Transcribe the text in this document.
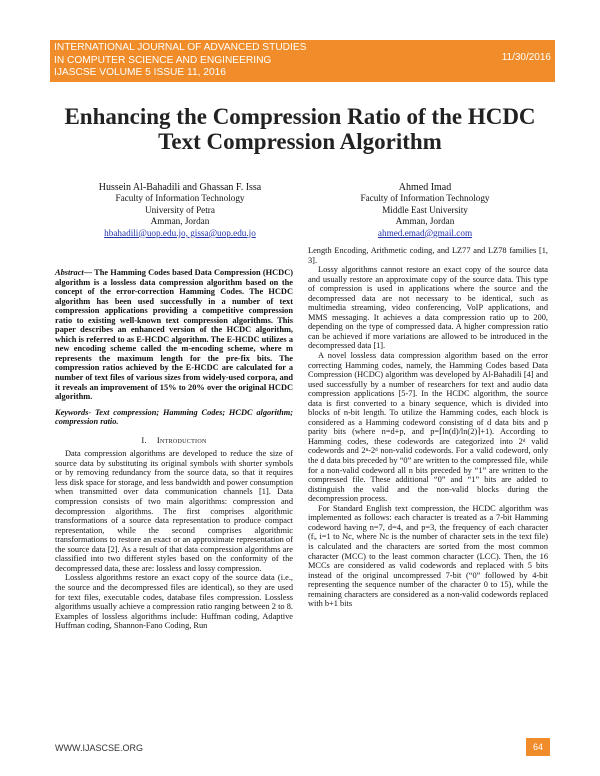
INTERNATIONAL JOURNAL OF ADVANCED STUDIES
IN COMPUTER SCIENCE AND ENGINEERING
IJASCSE VOLUME 5 ISSUE 11, 2016
11/30/2016
Enhancing the Compression Ratio of the HCDC
Text Compression Algorithm
Hussein Al-Bahadili and Ghassan F. Issa
Faculty of Information Technology
University of Petra
Amman, Jordan
hbahadili@uop.edu.jo, gissa@uop.edu.jo
Ahmed Imad
Faculty of Information Technology
Middle East University
Amman, Jordan
ahmed.emad@gmail.com

Abstract— The Hamming Codes based Data Compression (HCDC) algorithm is a lossless data compression algorithm based on the concept of the error-correction Hamming Codes. The HCDC algorithm has been used successfully in a number of text compression applications providing a competitive compression ratio to existing well-known text compression algorithms. This paper describes an enhanced version of the HCDC algorithm, which is referred to as E-HCDC algorithm. The E-HCDC utilizes a new encoding scheme called the m-encoding scheme, where m represents the maximum length for the pre-fix bits. The compression ratios achieved by the E-HCDC are calculated for a number of text files of various sizes from widely-used corpora, and it reveals an improvement of 15% to 20% over the original HCDC algorithm.

Keywords- Text compression; Hamming Codes; HCDC algorithm; compression ratio.

I. Introduction

Data compression algorithms are developed to reduce the size of source data by substituting its original symbols with shorter symbols or by removing redundancy from the source data, so that it requires less disk space for storage, and less bandwidth and power consumption when transmitted over data communication channels [1]. Data compression consists of two main algorithms: compression and decompression algorithms. The first comprises algorithmic transformations of a source data representation to produce compact representation, while the second comprises algorithmic transformations to restore an exact or an approximate representation of the source data [2]. As a result of that data compression algorithms are classified into two different styles based on the conformity of the decompressed data, these are: lossless and lossy compression.

Lossless algorithms restore an exact copy of the source data (i.e., the source and the decompressed files are identical), so they are used for text files, executable codes, database files compression. Lossless algorithms usually achieve a compression ratio ranging between 2 to 8. Examples of lossless algorithms include: Huffman coding, Adaptive Huffman coding, Shannon-Fano Coding, Run

Length Encoding, Arithmetic coding, and LZ77 and LZ78 families [1, 3].

Lossy algorithms cannot restore an exact copy of the source data and usually restore an approximate copy of the source data. This type of compression is used in applications where the source and the decompressed data are not necessary to be identical, such as multimedia streaming, video conferencing, VoIP applications, and MMS messaging. It achieves a data compression ratio up to 200, depending on the type of compressed data. A higher compression ratio can be achieved if more variations are allowed to be introduced in the decompressed data [1].

A novel lossless data compression algorithm based on the error correcting Hamming codes, namely, the Hamming Codes based Data Compression (HCDC) algorithm was developed by Al-Bahadili [4] and used successfully by a number of researchers for text and audio data compression applications [5-7]. In the HCDC algorithm, the source data is first converted to a binary sequence, which is divided into blocks of n-bit length. To utilize the Hamming codes, each block is considered as a Hamming codeword consisting of d data bits and p parity bits (where n=d+p, and p=⌈ln(d)/ln(2)⌉+1). According to Hamming codes, these codewords are categorized into 2ᵈ valid codewords and 2ⁿ-2ᵈ non-valid codewords. For a valid codeword, only the d data bits preceded by “0” are written to the compressed file, while for a non-valid codeword all n bits preceded by “1” are written to the compressed file. These additional “0” and “1” bits are added to distinguish the valid and the non-valid blocks during the decompression process.

For Standard English text compression, the HCDC algorithm was implemented as follows: each character is treated as a 7-bit Hamming codeword having n=7, d=4, and p=3, the frequency of each character (fᵢ, i=1 to Nc, where Nc is the number of character sets in the text file) is calculated and the characters are sorted from the most common character (MCC) to the least common character (LCC). Then, the 16 MCCs are considered as valid codewords and replaced with 5 bits instead of the original uncompressed 7-bit (“0” followed by 4-bit representing the sequence number of the character 0 to 15), while the remaining characters are considered as a non-valid codewords replaced with b+1 bits

WWW.IJASCSE.ORG	64
